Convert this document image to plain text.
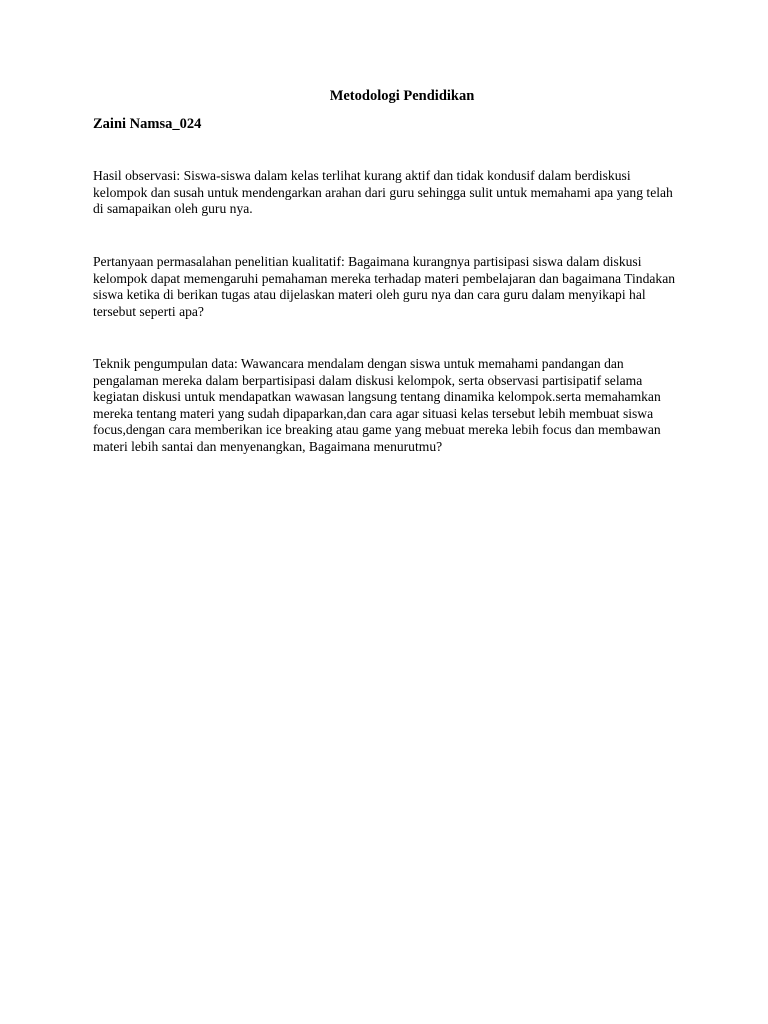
Metodologi Pendidikan

Zaini Namsa_024

Hasil observasi: Siswa-siswa dalam kelas terlihat kurang aktif dan tidak kondusif dalam berdiskusi kelompok dan susah untuk mendengarkan arahan dari guru sehingga sulit untuk memahami apa yang telah di samapaikan oleh guru nya.

Pertanyaan permasalahan penelitian kualitatif: Bagaimana kurangnya partisipasi siswa dalam diskusi kelompok dapat memengaruhi pemahaman mereka terhadap materi pembelajaran dan bagaimana Tindakan siswa ketika di berikan tugas atau dijelaskan materi oleh guru nya dan cara guru dalam menyikapi hal tersebut seperti apa?

Teknik pengumpulan data: Wawancara mendalam dengan siswa untuk memahami pandangan dan pengalaman mereka dalam berpartisipasi dalam diskusi kelompok, serta observasi partisipatif selama kegiatan diskusi untuk mendapatkan wawasan langsung tentang dinamika kelompok.serta memahamkan mereka tentang materi yang sudah dipaparkan,dan cara agar situasi kelas tersebut lebih membuat siswa focus,dengan cara memberikan ice breaking atau game yang mebuat mereka lebih focus dan membawan materi lebih santai dan menyenangkan, Bagaimana menurutmu?
